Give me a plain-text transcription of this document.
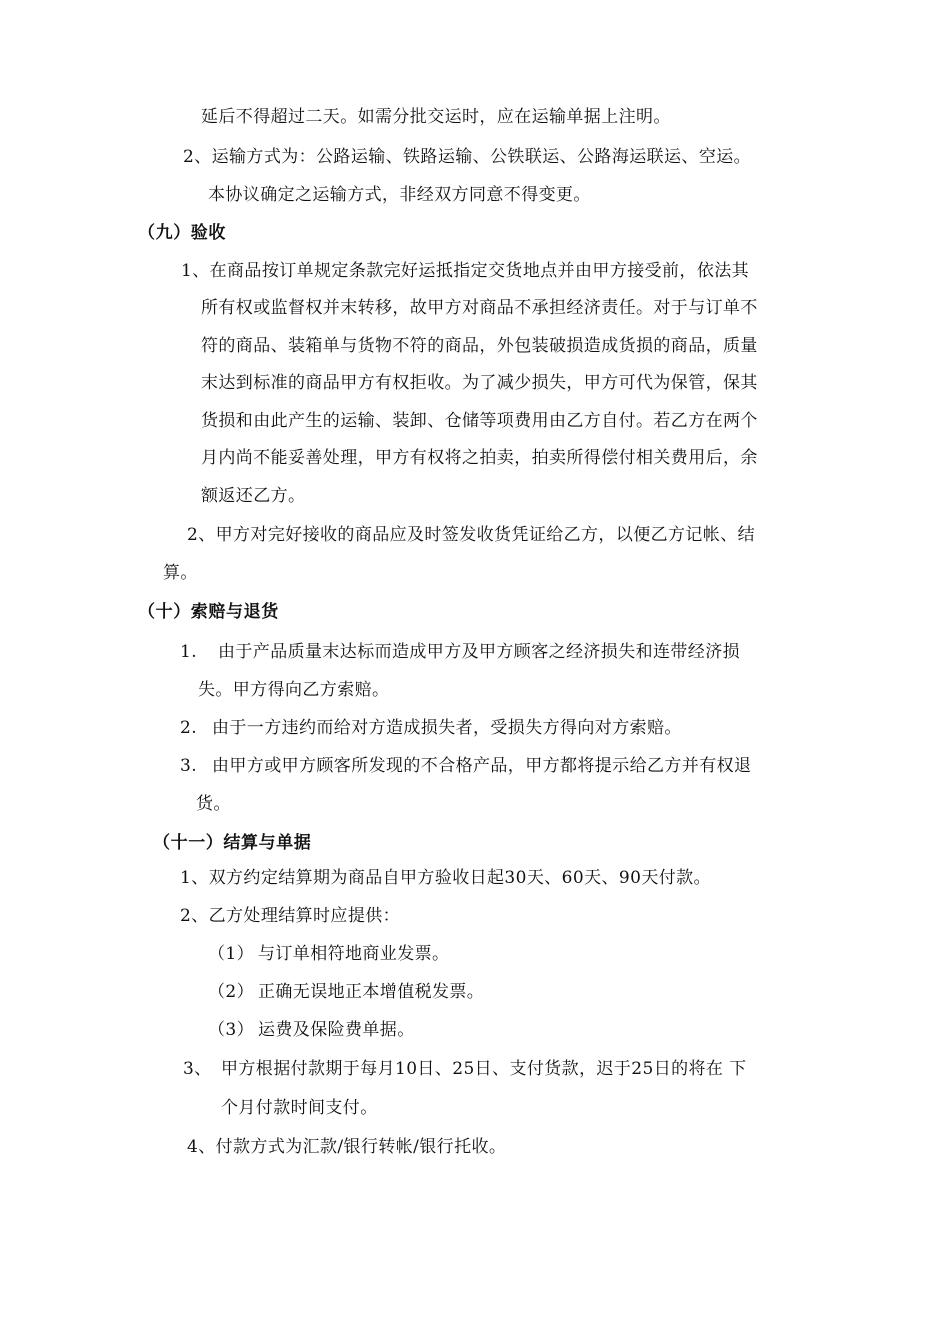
延后不得超过二天。如需分批交运时，应在运输单据上注明。
2、运输方式为：公路运输、铁路运输、公铁联运、公路海运联运、空运。
本协议确定之运输方式，非经双方同意不得变更。
（九）验收
1、在商品按订单规定条款完好运抵指定交货地点并由甲方接受前，依法其
所有权或监督权并末转移，故甲方对商品不承担经济责任。对于与订单不
符的商品、装箱单与货物不符的商品，外包装破损造成货损的商品，质量
末达到标准的商品甲方有权拒收。为了减少损失，甲方可代为保管，保其
货损和由此产生的运输、装卸、仓储等项费用由乙方自付。若乙方在两个
月内尚不能妥善处理，甲方有权将之拍卖，拍卖所得偿付相关费用后，余
额返还乙方。
2、甲方对完好接收的商品应及时签发收货凭证给乙方，以便乙方记帐、结
算。
（十）索赔与退货
1. 由于产品质量末达标而造成甲方及甲方顾客之经济损失和连带经济损
失。甲方得向乙方索赔。
2. 由于一方违约而给对方造成损失者，受损失方得向对方索赔。
3. 由甲方或甲方顾客所发现的不合格产品，甲方都将提示给乙方并有权退
货。
（十一）结算与单据
1、双方约定结算期为商品自甲方验收日起30天、60天、90天付款。
2、乙方处理结算时应提供：
（1） 与订单相符地商业发票。
（2） 正确无误地正本增值税发票。
（3） 运费及保险费单据。
3、 甲方根据付款期于每月10日、25日、支付货款，迟于25日的将在 下
个月付款时间支付。
4、付款方式为汇款/银行转帐/银行托收。
